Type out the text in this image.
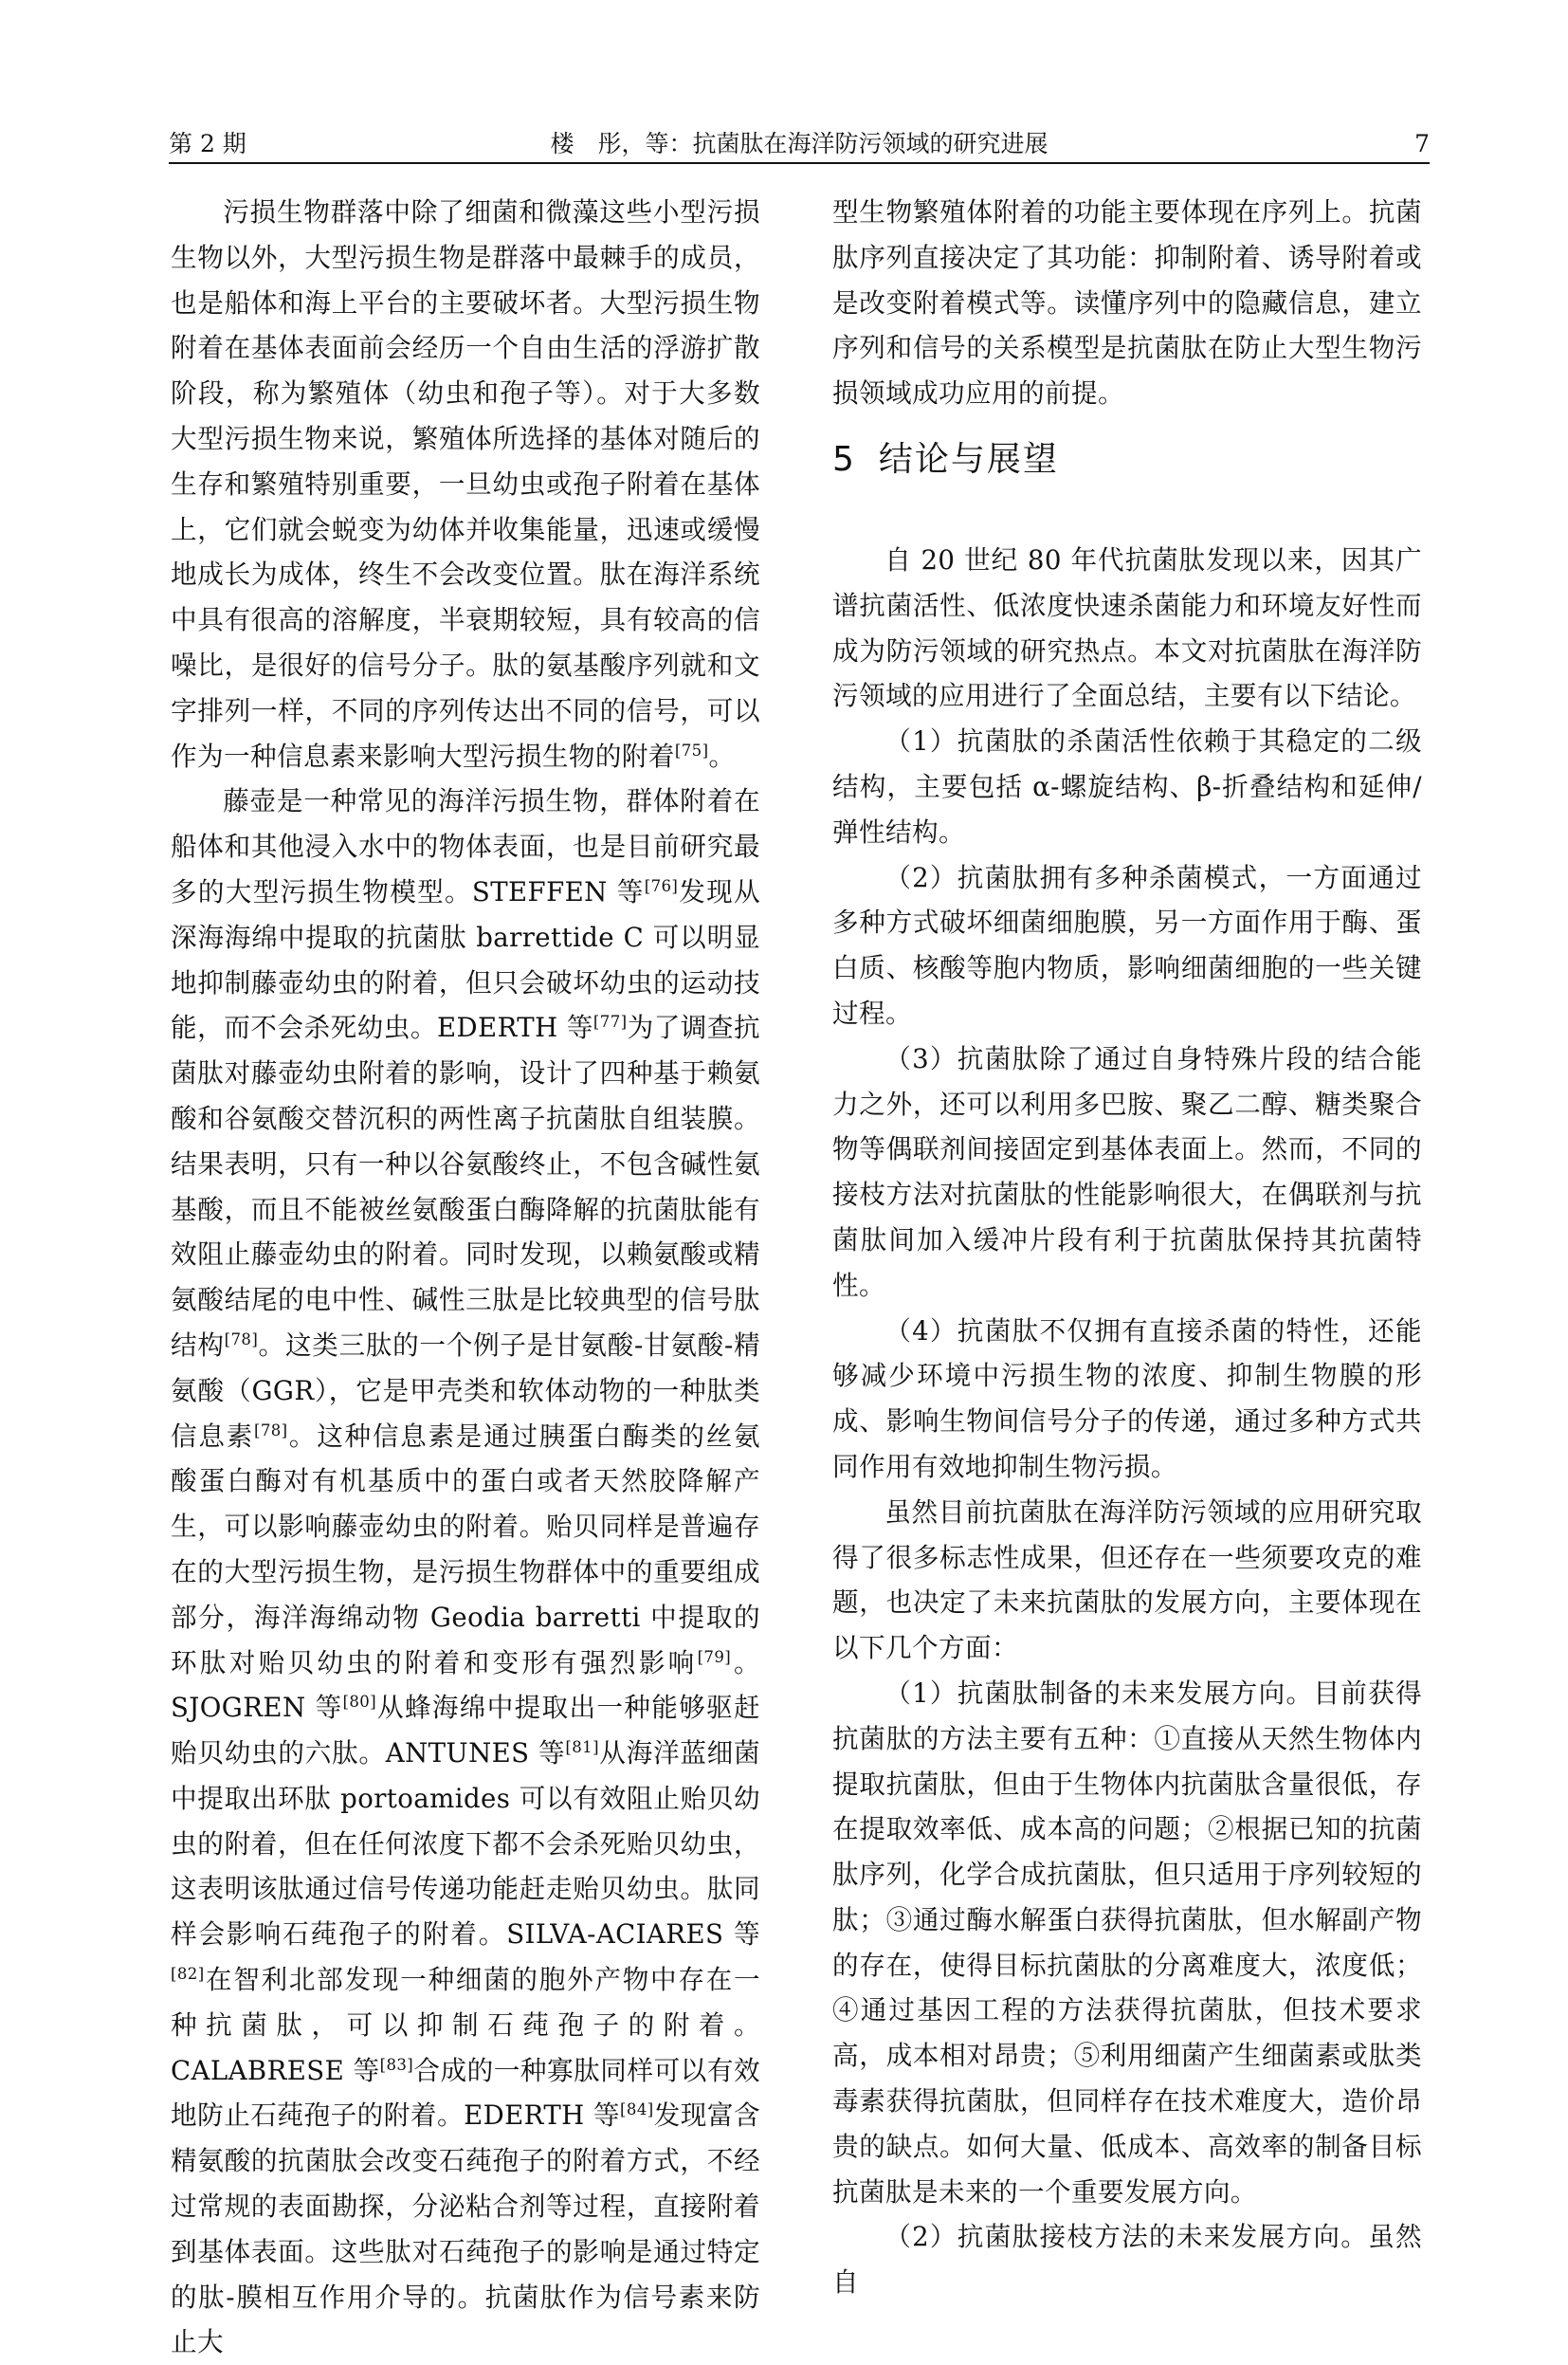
第 2 期	楼　彤，等：抗菌肽在海洋防污领域的研究进展	7

污损生物群落中除了细菌和微藻这些小型污损生物以外，大型污损生物是群落中最棘手的成员，也是船体和海上平台的主要破坏者。大型污损生物附着在基体表面前会经历一个自由生活的浮游扩散阶段，称为繁殖体（幼虫和孢子等）。对于大多数大型污损生物来说，繁殖体所选择的基体对随后的生存和繁殖特别重要，一旦幼虫或孢子附着在基体上，它们就会蜕变为幼体并收集能量，迅速或缓慢地成长为成体，终生不会改变位置。肽在海洋系统中具有很高的溶解度，半衰期较短，具有较高的信噪比，是很好的信号分子。肽的氨基酸序列就和文字排列一样，不同的序列传达出不同的信号，可以作为一种信息素来影响大型污损生物的附着[75]。

藤壶是一种常见的海洋污损生物，群体附着在船体和其他浸入水中的物体表面，也是目前研究最多的大型污损生物模型。STEFFEN 等[76]发现从深海海绵中提取的抗菌肽 barrettide C 可以明显地抑制藤壶幼虫的附着，但只会破坏幼虫的运动技能，而不会杀死幼虫。EDERTH 等[77]为了调查抗菌肽对藤壶幼虫附着的影响，设计了四种基于赖氨酸和谷氨酸交替沉积的两性离子抗菌肽自组装膜。结果表明，只有一种以谷氨酸终止，不包含碱性氨基酸，而且不能被丝氨酸蛋白酶降解的抗菌肽能有效阻止藤壶幼虫的附着。同时发现，以赖氨酸或精氨酸结尾的电中性、碱性三肽是比较典型的信号肽结构[78]。这类三肽的一个例子是甘氨酸-甘氨酸-精氨酸（GGR），它是甲壳类和软体动物的一种肽类信息素[78]。这种信息素是通过胰蛋白酶类的丝氨酸蛋白酶对有机基质中的蛋白或者天然胶降解产生，可以影响藤壶幼虫的附着。贻贝同样是普遍存在的大型污损生物，是污损生物群体中的重要组成部分，海洋海绵动物 Geodia barretti 中提取的环肽对贻贝幼虫的附着和变形有强烈影响[79]。SJOGREN 等[80]从蜂海绵中提取出一种能够驱赶贻贝幼虫的六肽。ANTUNES 等[81]从海洋蓝细菌中提取出环肽 portoamides 可以有效阻止贻贝幼虫的附着，但在任何浓度下都不会杀死贻贝幼虫，这表明该肽通过信号传递功能赶走贻贝幼虫。肽同样会影响石莼孢子的附着。SILVA-ACIARES 等[82]在智利北部发现一种细菌的胞外产物中存在一种抗菌肽，可以抑制石莼孢子的附着。CALABRESE 等[83]合成的一种寡肽同样可以有效地防止石莼孢子的附着。EDERTH 等[84]发现富含精氨酸的抗菌肽会改变石莼孢子的附着方式，不经过常规的表面勘探，分泌粘合剂等过程，直接附着到基体表面。这些肽对石莼孢子的影响是通过特定的肽-膜相互作用介导的。抗菌肽作为信号素来防止大

型生物繁殖体附着的功能主要体现在序列上。抗菌肽序列直接决定了其功能：抑制附着、诱导附着或是改变附着模式等。读懂序列中的隐藏信息，建立序列和信号的关系模型是抗菌肽在防止大型生物污损领域成功应用的前提。

5 结论与展望

自 20 世纪 80 年代抗菌肽发现以来，因其广谱抗菌活性、低浓度快速杀菌能力和环境友好性而成为防污领域的研究热点。本文对抗菌肽在海洋防污领域的应用进行了全面总结，主要有以下结论。

（1）抗菌肽的杀菌活性依赖于其稳定的二级结构，主要包括 α-螺旋结构、β-折叠结构和延伸/弹性结构。

（2）抗菌肽拥有多种杀菌模式，一方面通过多种方式破坏细菌细胞膜，另一方面作用于酶、蛋白质、核酸等胞内物质，影响细菌细胞的一些关键过程。

（3）抗菌肽除了通过自身特殊片段的结合能力之外，还可以利用多巴胺、聚乙二醇、糖类聚合物等偶联剂间接固定到基体表面上。然而，不同的接枝方法对抗菌肽的性能影响很大，在偶联剂与抗菌肽间加入缓冲片段有利于抗菌肽保持其抗菌特性。

（4）抗菌肽不仅拥有直接杀菌的特性，还能够减少环境中污损生物的浓度、抑制生物膜的形成、影响生物间信号分子的传递，通过多种方式共同作用有效地抑制生物污损。

虽然目前抗菌肽在海洋防污领域的应用研究取得了很多标志性成果，但还存在一些须要攻克的难题，也决定了未来抗菌肽的发展方向，主要体现在以下几个方面：

（1）抗菌肽制备的未来发展方向。目前获得抗菌肽的方法主要有五种：①直接从天然生物体内提取抗菌肽，但由于生物体内抗菌肽含量很低，存在提取效率低、成本高的问题；②根据已知的抗菌肽序列，化学合成抗菌肽，但只适用于序列较短的肽；③通过酶水解蛋白获得抗菌肽，但水解副产物的存在，使得目标抗菌肽的分离难度大，浓度低；④通过基因工程的方法获得抗菌肽，但技术要求高，成本相对昂贵；⑤利用细菌产生细菌素或肽类毒素获得抗菌肽，但同样存在技术难度大，造价昂贵的缺点。如何大量、低成本、高效率的制备目标抗菌肽是未来的一个重要发展方向。

（2）抗菌肽接枝方法的未来发展方向。虽然自
